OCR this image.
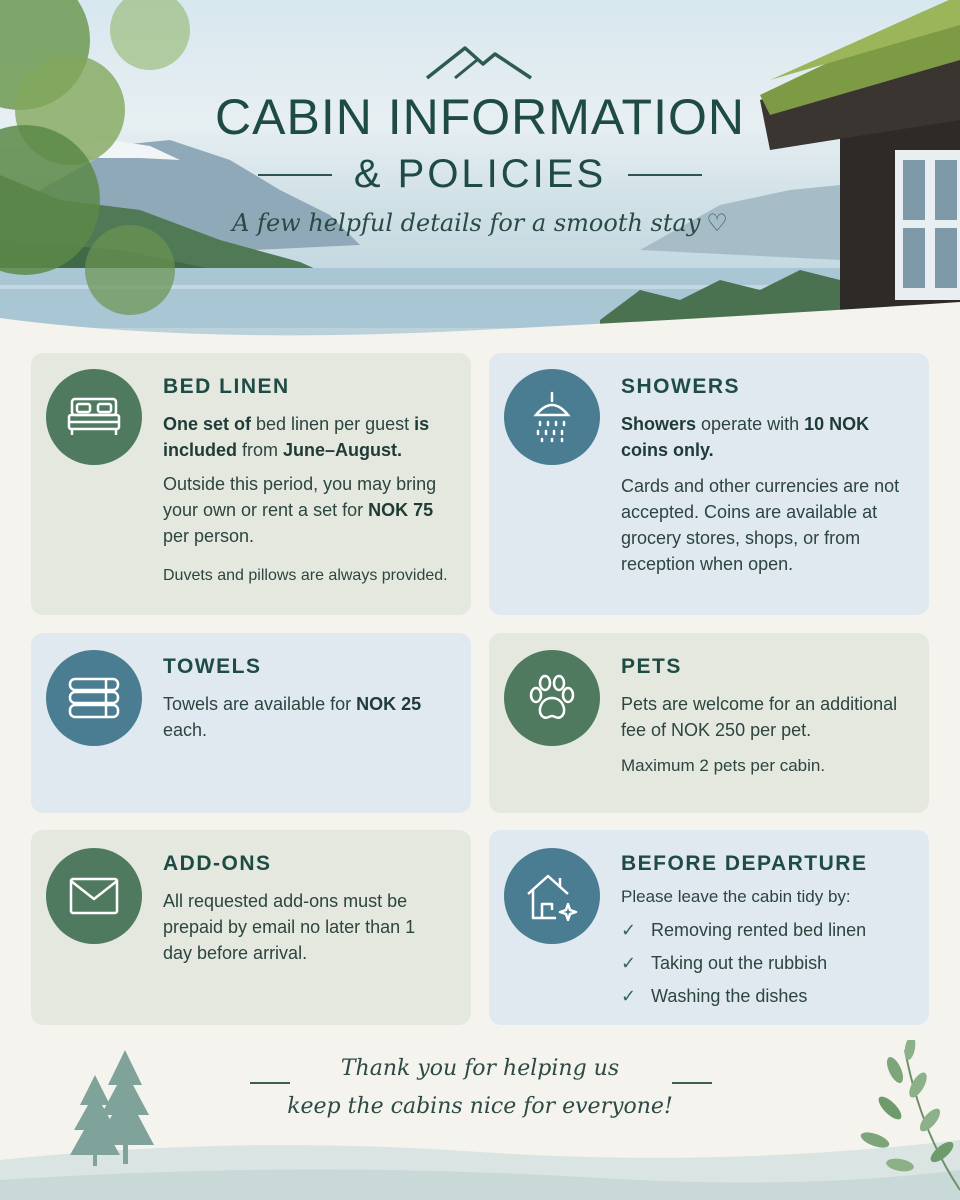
CABIN INFORMATION
& POLICIES
A few helpful details for a smooth stay ♡
BED LINEN

One set of bed linen per guest is included from June–August.

Outside this period, you may bring your own or rent a set for NOK 75 per person.

Duvets and pillows are always provided.

SHOWERS

Showers operate with 10 NOK coins only.

Cards and other currencies are not accepted. Coins are available at grocery stores, shops, or from reception when open.

TOWELS

Towels are available for NOK 25 each.

PETS

Pets are welcome for an additional fee of NOK 250 per pet.

Maximum 2 pets per cabin.

ADD-ONS

All requested add-ons must be prepaid by email no later than 1 day before arrival.

BEFORE DEPARTURE

Please leave the cabin tidy by:

✓ Removing rented bed linen
✓ Taking out the rubbish
✓ Washing the dishes
Thank you for helping us
keep the cabins nice for everyone!
